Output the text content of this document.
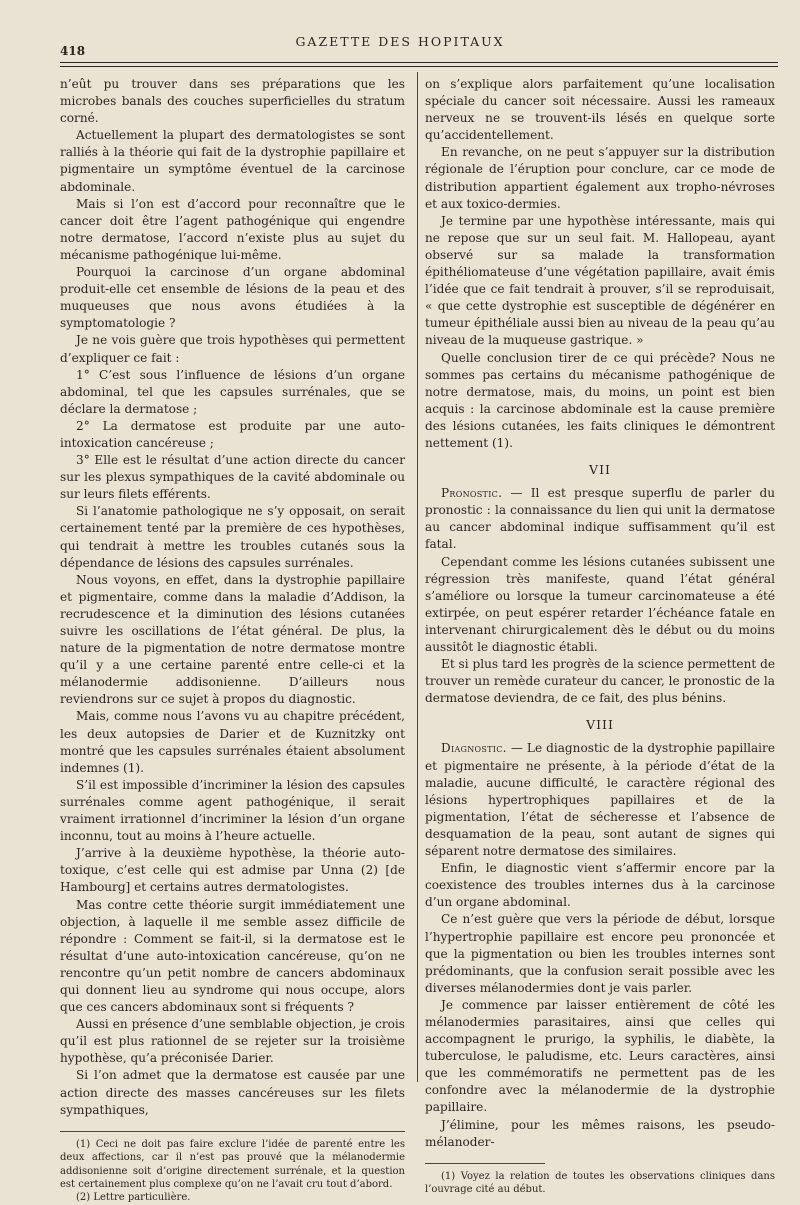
418
GAZETTE DES HOPITAUX

n’eût pu trouver dans ses préparations que les microbes banals des couches superficielles du stratum corné.

Actuellement la plupart des dermatologistes se sont ralliés à la théorie qui fait de la dystrophie papillaire et pigmentaire un symptôme éventuel de la carcinose abdominale.

Mais si l’on est d’accord pour reconnaître que le cancer doit être l’agent pathogénique qui engendre notre dermatose, l’accord n’existe plus au sujet du mécanisme pathogénique lui-même.

Pourquoi la carcinose d’un organe abdominal produit-elle cet ensemble de lésions de la peau et des muqueuses que nous avons étudiées à la symptomatologie ?

Je ne vois guère que trois hypothèses qui permettent d’expliquer ce fait :

1° C’est sous l’influence de lésions d’un organe abdominal, tel que les capsules surrénales, que se déclare la dermatose ;

2° La dermatose est produite par une auto-intoxication cancéreuse ;

3° Elle est le résultat d’une action directe du cancer sur les plexus sympathiques de la cavité abdominale ou sur leurs filets efférents.

Si l’anatomie pathologique ne s’y opposait, on serait certainement tenté par la première de ces hypothèses, qui tendrait à mettre les troubles cutanés sous la dépendance de lésions des capsules surrénales.

Nous voyons, en effet, dans la dystrophie papillaire et pigmentaire, comme dans la maladie d’Addison, la recrudescence et la diminution des lésions cutanées suivre les oscillations de l’état général. De plus, la nature de la pigmentation de notre dermatose montre qu’il y a une certaine parenté entre celle-ci et la mélanodermie addisonienne. D’ailleurs nous reviendrons sur ce sujet à propos du diagnostic.

Mais, comme nous l’avons vu au chapitre précédent, les deux autopsies de Darier et de Kuznitzky ont montré que les capsules surrénales étaient absolument indemnes (1).

S’il est impossible d’incriminer la lésion des capsules surrénales comme agent pathogénique, il serait vraiment irrationnel d’incriminer la lésion d’un organe inconnu, tout au moins à l’heure actuelle.

J’arrive à la deuxième hypothèse, la théorie auto-toxique, c’est celle qui est admise par Unna (2) [de Hambourg] et certains autres dermatologistes.

Mas contre cette théorie surgit immédiatement une objection, à laquelle il me semble assez difficile de répondre : Comment se fait-il, si la dermatose est le résultat d’une auto-intoxication cancéreuse, qu’on ne rencontre qu’un petit nombre de cancers abdominaux qui donnent lieu au syndrome qui nous occupe, alors que ces cancers abdominaux sont si fréquents ?

Aussi en présence d’une semblable objection, je crois qu’il est plus rationnel de se rejeter sur la troisième hypothèse, qu’a préconisée Darier.

Si l’on admet que la dermatose est causée par une action directe des masses cancéreuses sur les filets sympathiques,

(1) Ceci ne doit pas faire exclure l’idée de parenté entre les deux affections, car il n’est pas prouvé que la mélanodermie addisonienne soit d’origine directement surrénale, et la question est certainement plus complexe qu’on ne l’avait cru tout d’abord.

(2) Lettre particulière.

on s’explique alors parfaitement qu’une localisation spéciale du cancer soit nécessaire. Aussi les rameaux nerveux ne se trouvent-ils lésés en quelque sorte qu’accidentellement.

En revanche, on ne peut s’appuyer sur la distribution régionale de l’éruption pour conclure, car ce mode de distribution appartient également aux tropho-névroses et aux toxico-dermies.

Je termine par une hypothèse intéressante, mais qui ne repose que sur un seul fait. M. Hallopeau, ayant observé sur sa malade la transformation épithéliomateuse d’une végétation papillaire, avait émis l’idée que ce fait tendrait à prouver, s’il se reproduisait, « que cette dystrophie est susceptible de dégénérer en tumeur épithéliale aussi bien au niveau de la peau qu’au niveau de la muqueuse gastrique. »

Quelle conclusion tirer de ce qui précède? Nous ne sommes pas certains du mécanisme pathogénique de notre dermatose, mais, du moins, un point est bien acquis : la carcinose abdominale est la cause première des lésions cutanées, les faits cliniques le démontrent nettement (1).

VII

Pronostic. — Il est presque superflu de parler du pronostic : la connaissance du lien qui unit la dermatose au cancer abdominal indique suffisamment qu’il est fatal.

Cependant comme les lésions cutanées subissent une régression très manifeste, quand l’état général s’améliore ou lorsque la tumeur carcinomateuse a été extirpée, on peut espérer retarder l’échéance fatale en intervenant chirurgicalement dès le début ou du moins aussitôt le diagnostic établi.

Et si plus tard les progrès de la science permettent de trouver un remède curateur du cancer, le pronostic de la dermatose deviendra, de ce fait, des plus bénins.

VIII

Diagnostic. — Le diagnostic de la dystrophie papillaire et pigmentaire ne présente, à la période d’état de la maladie, aucune difficulté, le caractère régional des lésions hypertrophiques papillaires et de la pigmentation, l’état de sécheresse et l’absence de desquamation de la peau, sont autant de signes qui séparent notre dermatose des similaires.

Enfin, le diagnostic vient s’affermir encore par la coexistence des troubles internes dus à la carcinose d’un organe abdominal.

Ce n’est guère que vers la période de début, lorsque l’hypertrophie papillaire est encore peu prononcée et que la pigmentation ou bien les troubles internes sont prédominants, que la confusion serait possible avec les diverses mélanodermies dont je vais parler.

Je commence par laisser entièrement de côté les mélanodermies parasitaires, ainsi que celles qui accompagnent le prurigo, la syphilis, le diabète, la tuberculose, le paludisme, etc. Leurs caractères, ainsi que les commémoratifs ne permettent pas de les confondre avec la mélanodermie de la dystrophie papillaire.

J’élimine, pour les mêmes raisons, les pseudo-mélanoder-

(1) Voyez la relation de toutes les observations cliniques dans l’ouvrage cité au début.
